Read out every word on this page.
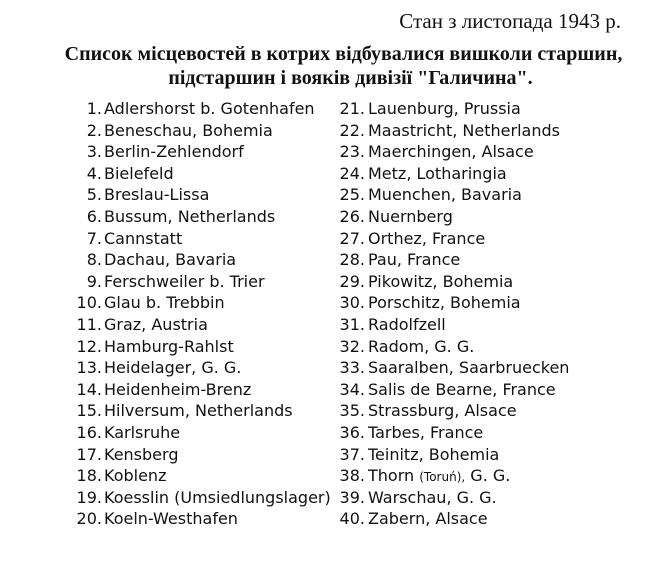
Стан з листопада 1943 р.
Список місцевостей в котрих відбувалися вишколи старшин,
підстаршин і вояків дивізії "Галичина".
1. Adlershorst b. Gotenhafen
2. Beneschau, Bohemia
3. Berlin-Zehlendorf
4. Bielefeld
5. Breslau-Lissa
6. Bussum, Netherlands
7. Cannstatt
8. Dachau, Bavaria
9. Ferschweiler b. Trier
10. Glau b. Trebbin
11. Graz, Austria
12. Hamburg-Rahlst
13. Heidelager, G. G.
14. Heidenheim-Brenz
15. Hilversum, Netherlands
16. Karlsruhe
17. Kensberg
18. Koblenz
19. Koesslin (Umsiedlungslager)
20. Koeln-Westhafen
21. Lauenburg, Prussia
22. Maastricht, Netherlands
23. Maerchingen, Alsace
24. Metz, Lotharingia
25. Muenchen, Bavaria
26. Nuernberg
27. Orthez, France
28. Pau, France
29. Pikowitz, Bohemia
30. Porschitz, Bohemia
31. Radolfzell
32. Radom, G. G.
33. Saaralben, Saarbruecken
34. Salis de Bearne, France
35. Strassburg, Alsace
36. Tarbes, France
37. Teinitz, Bohemia
38. Thorn (Toruń), G. G.
39. Warschau, G. G.
40. Zabern, Alsace
